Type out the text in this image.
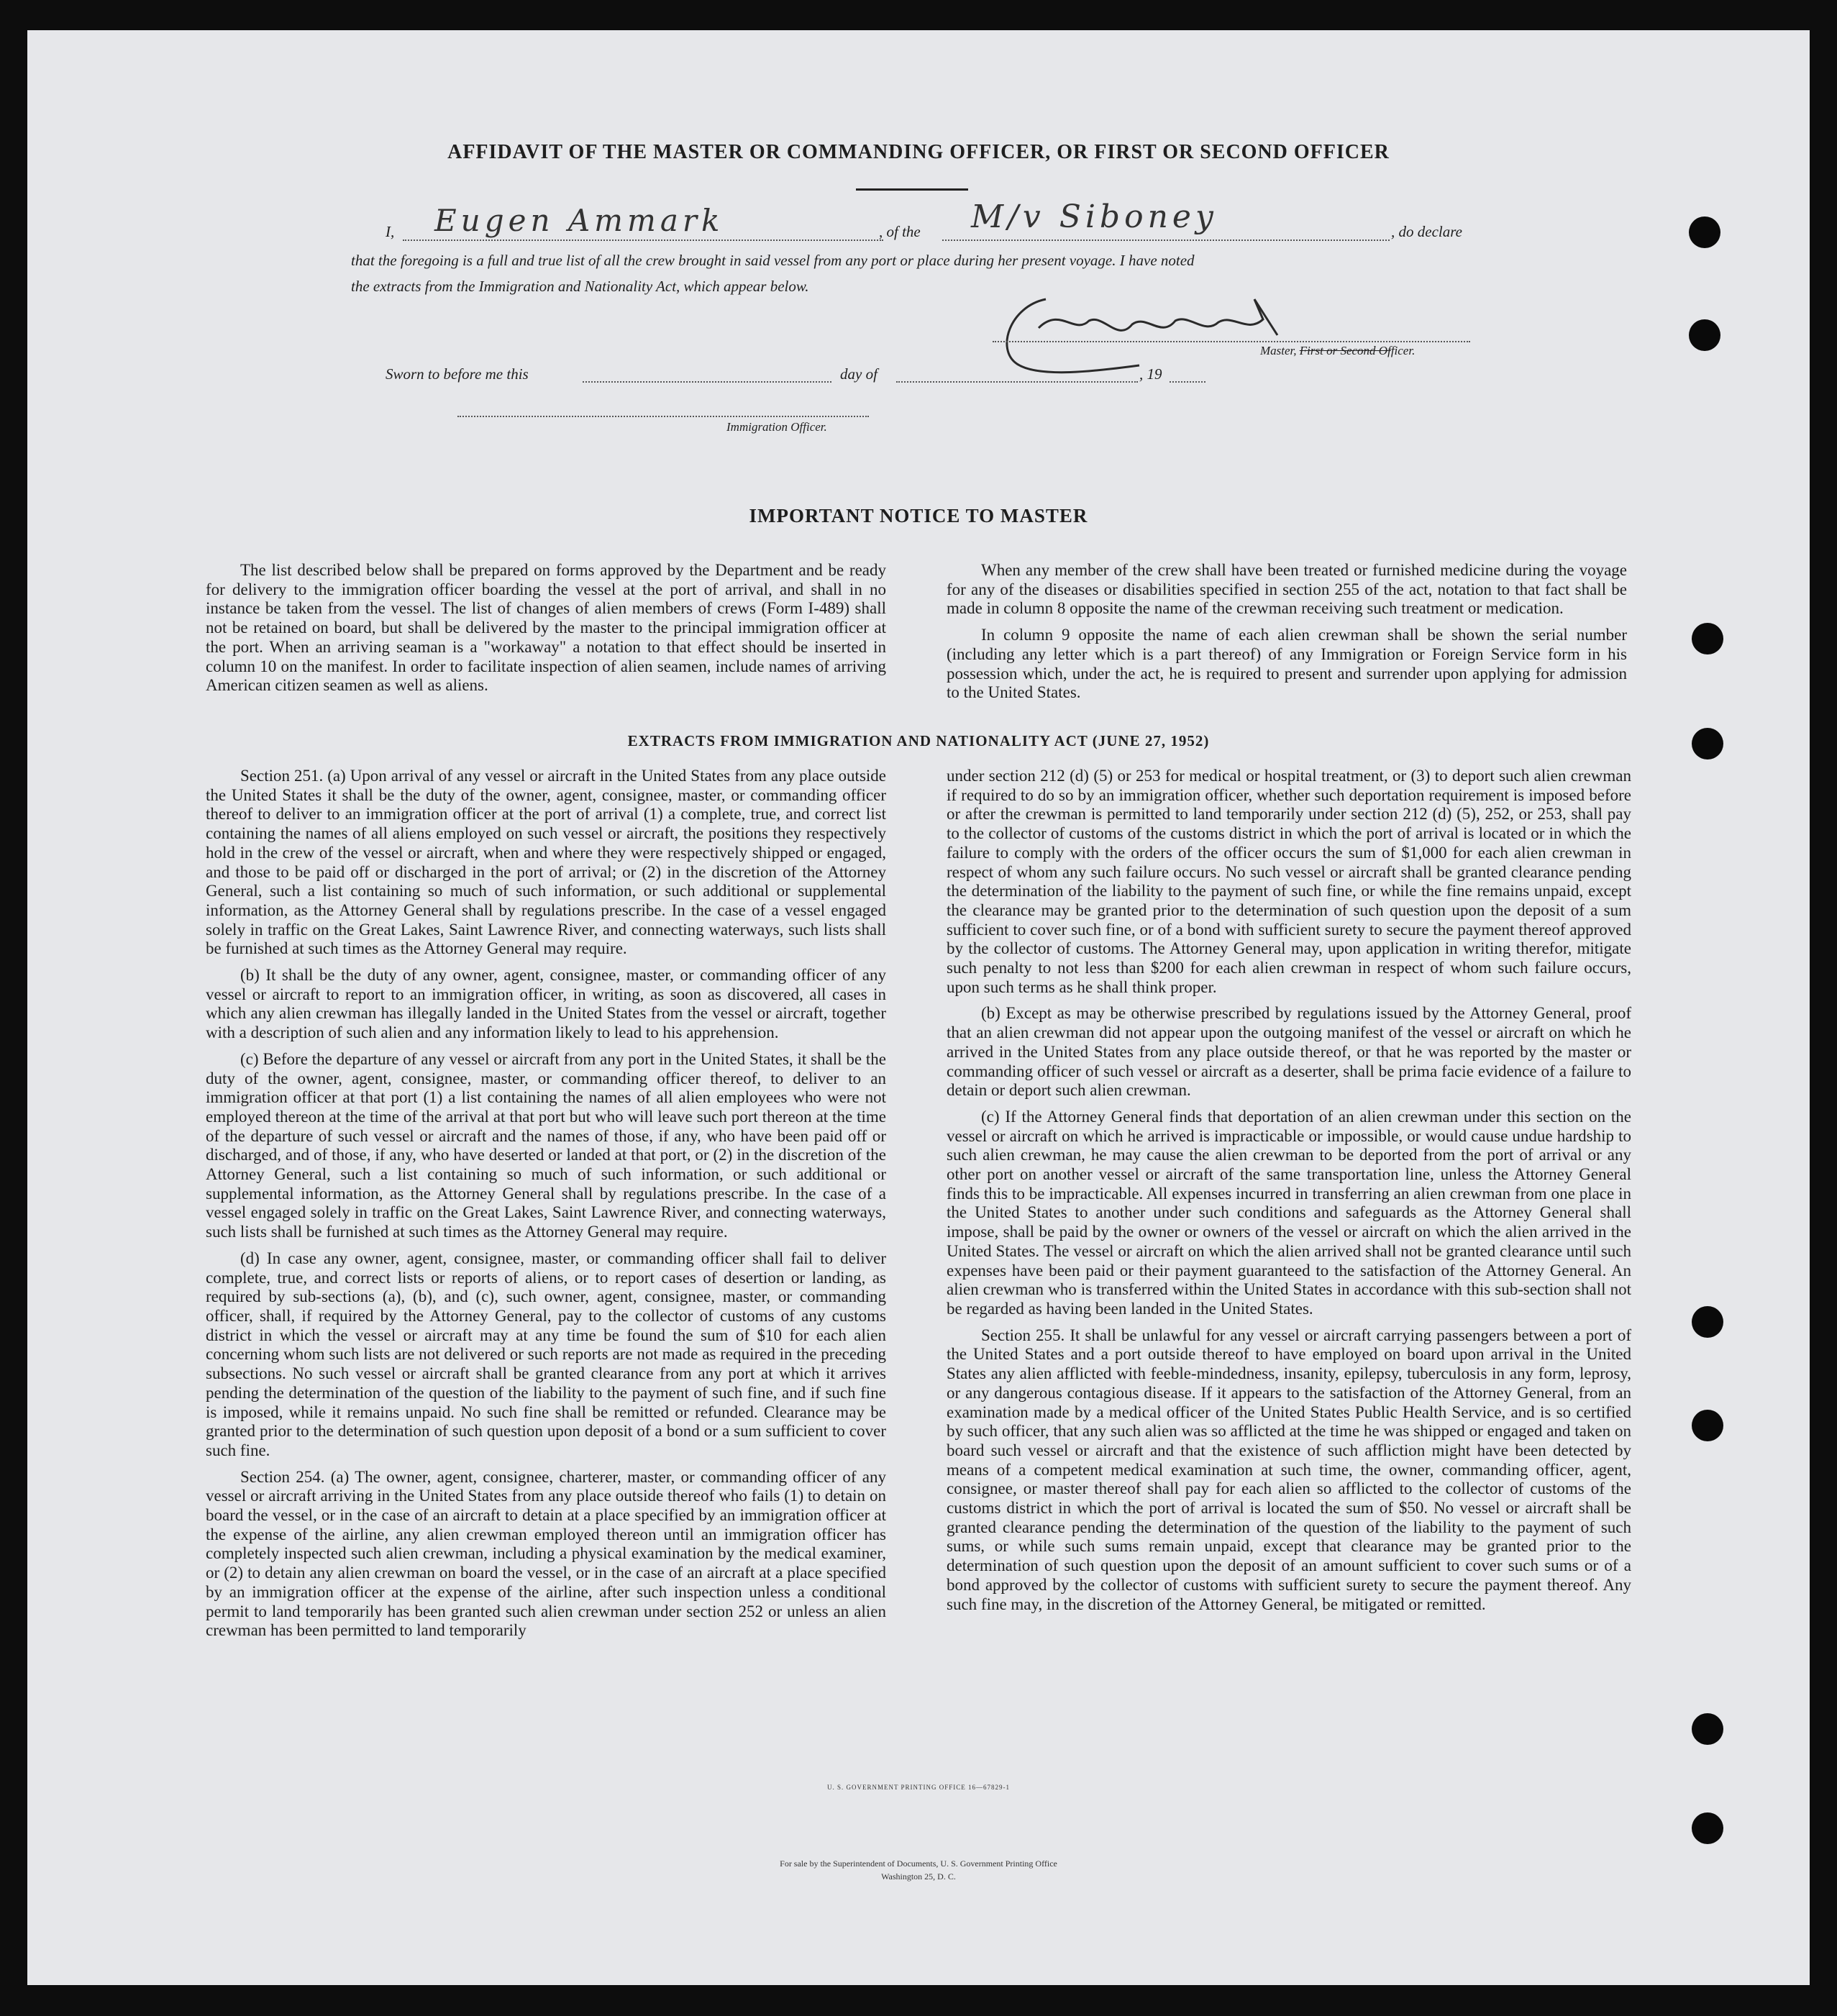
AFFIDAVIT OF THE MASTER OR COMMANDING OFFICER, OR FIRST OR SECOND OFFICER
I, Eugen Ammark	, of the M/v Siboney	, do declare
that the foregoing is a full and true list of all the crew brought in said vessel from any port or place during her present voyage. I have noted
the extracts from the Immigration and Nationality Act, which appear below.
Master, First or Second Officer.
Sworn to before me this	day of	, 19
Immigration Officer.
IMPORTANT NOTICE TO MASTER

The list described below shall be prepared on forms approved by the Department and be ready for delivery to the immigration officer boarding the vessel at the port of arrival, and shall in no instance be taken from the vessel. The list of changes of alien members of crews (Form I-489) shall not be retained on board, but shall be delivered by the master to the principal immigration officer at the port. When an arriving seaman is a "workaway" a notation to that effect should be inserted in column 10 on the manifest. In order to facilitate inspection of alien seamen, include names of arriving American citizen seamen as well as aliens.

When any member of the crew shall have been treated or furnished medicine during the voyage for any of the diseases or disabilities specified in section 255 of the act, notation to that fact shall be made in column 8 opposite the name of the crewman receiving such treatment or medication.

In column 9 opposite the name of each alien crewman shall be shown the serial number (including any letter which is a part thereof) of any Immigration or Foreign Service form in his possession which, under the act, he is required to present and surrender upon applying for admission to the United States.

EXTRACTS FROM IMMIGRATION AND NATIONALITY ACT (JUNE 27, 1952)

Section 251. (a) Upon arrival of any vessel or aircraft in the United States from any place outside the United States it shall be the duty of the owner, agent, consignee, master, or commanding officer thereof to deliver to an immigration officer at the port of arrival (1) a complete, true, and correct list containing the names of all aliens employed on such vessel or aircraft, the positions they respectively hold in the crew of the vessel or aircraft, when and where they were respectively shipped or engaged, and those to be paid off or discharged in the port of arrival; or (2) in the discretion of the Attorney General, such a list containing so much of such information, or such additional or supplemental information, as the Attorney General shall by regulations prescribe. In the case of a vessel engaged solely in traffic on the Great Lakes, Saint Lawrence River, and connecting waterways, such lists shall be furnished at such times as the Attorney General may require.

(b) It shall be the duty of any owner, agent, consignee, master, or commanding officer of any vessel or aircraft to report to an immigration officer, in writing, as soon as discovered, all cases in which any alien crewman has illegally landed in the United States from the vessel or aircraft, together with a description of such alien and any information likely to lead to his apprehension.

(c) Before the departure of any vessel or aircraft from any port in the United States, it shall be the duty of the owner, agent, consignee, master, or commanding officer thereof, to deliver to an immigration officer at that port (1) a list containing the names of all alien employees who were not employed thereon at the time of the arrival at that port but who will leave such port thereon at the time of the departure of such vessel or aircraft and the names of those, if any, who have been paid off or discharged, and of those, if any, who have deserted or landed at that port, or (2) in the discretion of the Attorney General, such a list containing so much of such information, or such additional or supplemental information, as the Attorney General shall by regulations prescribe. In the case of a vessel engaged solely in traffic on the Great Lakes, Saint Lawrence River, and connecting waterways, such lists shall be furnished at such times as the Attorney General may require.

(d) In case any owner, agent, consignee, master, or commanding officer shall fail to deliver complete, true, and correct lists or reports of aliens, or to report cases of desertion or landing, as required by sub-sections (a), (b), and (c), such owner, agent, consignee, master, or commanding officer, shall, if required by the Attorney General, pay to the collector of customs of any customs district in which the vessel or aircraft may at any time be found the sum of $10 for each alien concerning whom such lists are not delivered or such reports are not made as required in the preceding subsections. No such vessel or aircraft shall be granted clearance from any port at which it arrives pending the determination of the question of the liability to the payment of such fine, and if such fine is imposed, while it remains unpaid. No such fine shall be remitted or refunded. Clearance may be granted prior to the determination of such question upon deposit of a bond or a sum sufficient to cover such fine.

Section 254. (a) The owner, agent, consignee, charterer, master, or commanding officer of any vessel or aircraft arriving in the United States from any place outside thereof who fails (1) to detain on board the vessel, or in the case of an aircraft to detain at a place specified by an immigration officer at the expense of the airline, any alien crewman employed thereon until an immigration officer has completely inspected such alien crewman, including a physical examination by the medical examiner, or (2) to detain any alien crewman on board the vessel, or in the case of an aircraft at a place specified by an immigration officer at the expense of the airline, after such inspection unless a conditional permit to land temporarily has been granted such alien crewman under section 252 or unless an alien crewman has been permitted to land temporarily

under section 212 (d) (5) or 253 for medical or hospital treatment, or (3) to deport such alien crewman if required to do so by an immigration officer, whether such deportation requirement is imposed before or after the crewman is permitted to land temporarily under section 212 (d) (5), 252, or 253, shall pay to the collector of customs of the customs district in which the port of arrival is located or in which the failure to comply with the orders of the officer occurs the sum of $1,000 for each alien crewman in respect of whom any such failure occurs. No such vessel or aircraft shall be granted clearance pending the determination of the liability to the payment of such fine, or while the fine remains unpaid, except the clearance may be granted prior to the determination of such question upon the deposit of a sum sufficient to cover such fine, or of a bond with sufficient surety to secure the payment thereof approved by the collector of customs. The Attorney General may, upon application in writing therefor, mitigate such penalty to not less than $200 for each alien crewman in respect of whom such failure occurs, upon such terms as he shall think proper.

(b) Except as may be otherwise prescribed by regulations issued by the Attorney General, proof that an alien crewman did not appear upon the outgoing manifest of the vessel or aircraft on which he arrived in the United States from any place outside thereof, or that he was reported by the master or commanding officer of such vessel or aircraft as a deserter, shall be prima facie evidence of a failure to detain or deport such alien crewman.

(c) If the Attorney General finds that deportation of an alien crewman under this section on the vessel or aircraft on which he arrived is impracticable or impossible, or would cause undue hardship to such alien crewman, he may cause the alien crewman to be deported from the port of arrival or any other port on another vessel or aircraft of the same transportation line, unless the Attorney General finds this to be impracticable. All expenses incurred in transferring an alien crewman from one place in the United States to another under such conditions and safeguards as the Attorney General shall impose, shall be paid by the owner or owners of the vessel or aircraft on which the alien arrived in the United States. The vessel or aircraft on which the alien arrived shall not be granted clearance until such expenses have been paid or their payment guaranteed to the satisfaction of the Attorney General. An alien crewman who is transferred within the United States in accordance with this sub-section shall not be regarded as having been landed in the United States.

Section 255. It shall be unlawful for any vessel or aircraft carrying passengers between a port of the United States and a port outside thereof to have employed on board upon arrival in the United States any alien afflicted with feeble-mindedness, insanity, epilepsy, tuberculosis in any form, leprosy, or any dangerous contagious disease. If it appears to the satisfaction of the Attorney General, from an examination made by a medical officer of the United States Public Health Service, and is so certified by such officer, that any such alien was so afflicted at the time he was shipped or engaged and taken on board such vessel or aircraft and that the existence of such affliction might have been detected by means of a competent medical examination at such time, the owner, commanding officer, agent, consignee, or master thereof shall pay for each alien so afflicted to the collector of customs of the customs district in which the port of arrival is located the sum of $50. No vessel or aircraft shall be granted clearance pending the determination of the question of the liability to the payment of such sums, or while such sums remain unpaid, except that clearance may be granted prior to the determination of such question upon the deposit of an amount sufficient to cover such sums or of a bond approved by the collector of customs with sufficient surety to secure the payment thereof. Any such fine may, in the discretion of the Attorney General, be mitigated or remitted.

U. S. GOVERNMENT PRINTING OFFICE 16—67829-1
For sale by the Superintendent of Documents, U. S. Government Printing Office
Washington 25, D. C.
